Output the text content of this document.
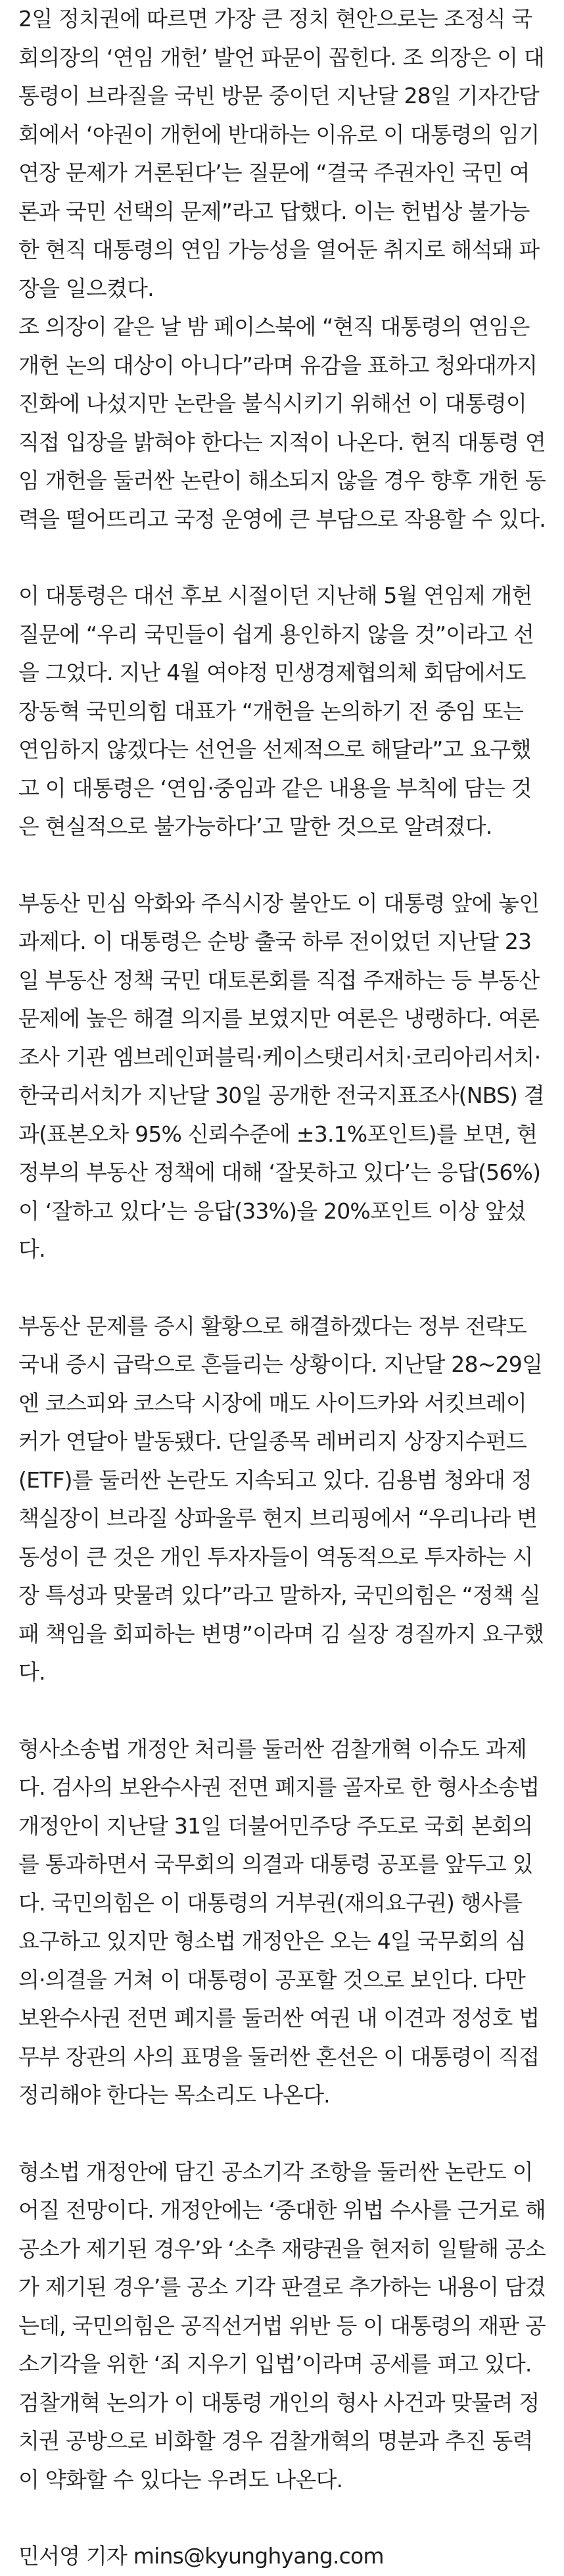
2일 정치권에 따르면 가장 큰 정치 현안으로는 조정식 국회의장의 ‘연임 개헌’ 발언 파문이 꼽힌다. 조 의장은 이 대통령이 브라질을 국빈 방문 중이던 지난달 28일 기자간담회에서 ‘야권이 개헌에 반대하는 이유로 이 대통령의 임기 연장 문제가 거론된다’는 질문에 “결국 주권자인 국민 여론과 국민 선택의 문제”라고 답했다. 이는 헌법상 불가능한 현직 대통령의 연임 가능성을 열어둔 취지로 해석돼 파장을 일으켰다.

조 의장이 같은 날 밤 페이스북에 “현직 대통령의 연임은 개헌 논의 대상이 아니다”라며 유감을 표하고 청와대까지 진화에 나섰지만 논란을 불식시키기 위해선 이 대통령이 직접 입장을 밝혀야 한다는 지적이 나온다. 현직 대통령 연임 개헌을 둘러싼 논란이 해소되지 않을 경우 향후 개헌 동력을 떨어뜨리고 국정 운영에 큰 부담으로 작용할 수 있다.

이 대통령은 대선 후보 시절이던 지난해 5월 연임제 개헌 질문에 “우리 국민들이 쉽게 용인하지 않을 것”이라고 선을 그었다. 지난 4월 여야정 민생경제협의체 회담에서도 장동혁 국민의힘 대표가 “개헌을 논의하기 전 중임 또는 연임하지 않겠다는 선언을 선제적으로 해달라”고 요구했고 이 대통령은 ‘연임·중임과 같은 내용을 부칙에 담는 것은 현실적으로 불가능하다’고 말한 것으로 알려졌다.

부동산 민심 악화와 주식시장 불안도 이 대통령 앞에 놓인 과제다. 이 대통령은 순방 출국 하루 전이었던 지난달 23일 부동산 정책 국민 대토론회를 직접 주재하는 등 부동산 문제에 높은 해결 의지를 보였지만 여론은 냉랭하다. 여론조사 기관 엠브레인퍼블릭·케이스탯리서치·코리아리서치·한국리서치가 지난달 30일 공개한 전국지표조사(NBS) 결과(표본오차 95% 신뢰수준에 ±3.1%포인트)를 보면, 현 정부의 부동산 정책에 대해 ‘잘못하고 있다’는 응답(56%)이 ‘잘하고 있다’는 응답(33%)을 20%포인트 이상 앞섰다.

부동산 문제를 증시 활황으로 해결하겠다는 정부 전략도 국내 증시 급락으로 흔들리는 상황이다. 지난달 28~29일엔 코스피와 코스닥 시장에 매도 사이드카와 서킷브레이커가 연달아 발동됐다. 단일종목 레버리지 상장지수펀드(ETF)를 둘러싼 논란도 지속되고 있다. 김용범 청와대 정책실장이 브라질 상파울루 현지 브리핑에서 “우리나라 변동성이 큰 것은 개인 투자자들이 역동적으로 투자하는 시장 특성과 맞물려 있다”라고 말하자, 국민의힘은 “정책 실패 책임을 회피하는 변명”이라며 김 실장 경질까지 요구했다.

형사소송법 개정안 처리를 둘러싼 검찰개혁 이슈도 과제다. 검사의 보완수사권 전면 폐지를 골자로 한 형사소송법 개정안이 지난달 31일 더불어민주당 주도로 국회 본회의를 통과하면서 국무회의 의결과 대통령 공포를 앞두고 있다. 국민의힘은 이 대통령의 거부권(재의요구권) 행사를 요구하고 있지만 형소법 개정안은 오는 4일 국무회의 심의·의결을 거쳐 이 대통령이 공포할 것으로 보인다. 다만 보완수사권 전면 폐지를 둘러싼 여권 내 이견과 정성호 법무부 장관의 사의 표명을 둘러싼 혼선은 이 대통령이 직접 정리해야 한다는 목소리도 나온다.

형소법 개정안에 담긴 공소기각 조항을 둘러싼 논란도 이어질 전망이다. 개정안에는 ‘중대한 위법 수사를 근거로 해 공소가 제기된 경우’와 ‘소추 재량권을 현저히 일탈해 공소가 제기된 경우’를 공소 기각 판결로 추가하는 내용이 담겼는데, 국민의힘은 공직선거법 위반 등 이 대통령의 재판 공소기각을 위한 ‘죄 지우기 입법’이라며 공세를 펴고 있다. 검찰개혁 논의가 이 대통령 개인의 형사 사건과 맞물려 정치권 공방으로 비화할 경우 검찰개혁의 명분과 추진 동력이 약화할 수 있다는 우려도 나온다.

민서영 기자 mins@kyunghyang.com
